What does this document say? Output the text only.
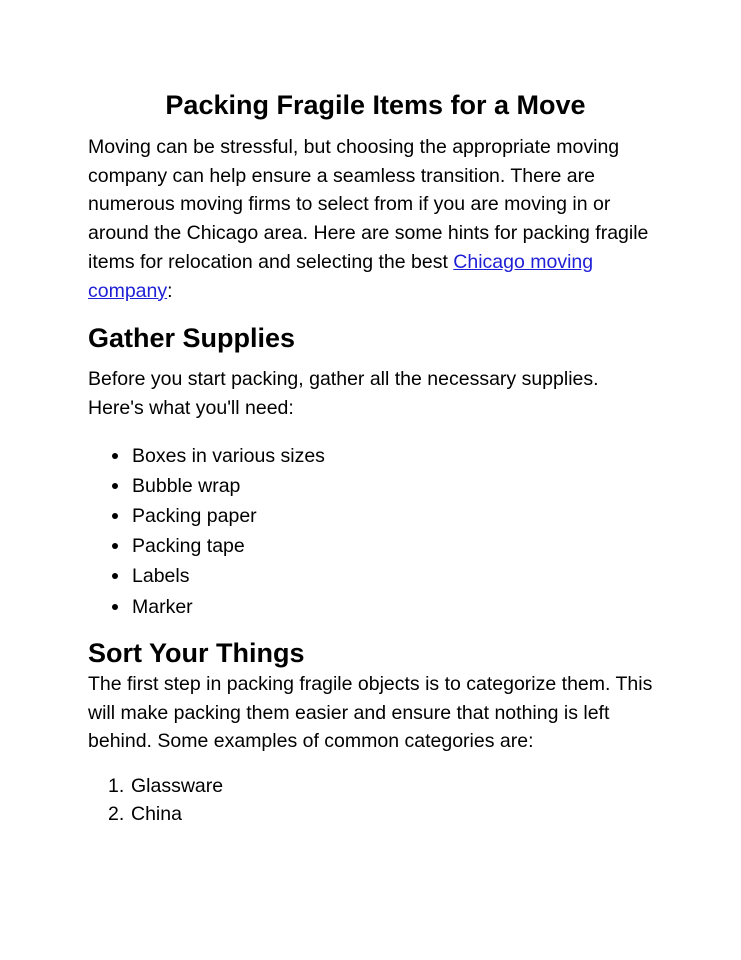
Packing Fragile Items for a Move

Moving can be stressful, but choosing the appropriate moving company can help ensure a seamless transition. There are numerous moving firms to select from if you are moving in or around the Chicago area. Here are some hints for packing fragile items for relocation and selecting the best Chicago moving company:

Gather Supplies

Before you start packing, gather all the necessary supplies. Here's what you'll need:

Boxes in various sizes
Bubble wrap
Packing paper
Packing tape
Labels
Marker
Sort Your Things

The first step in packing fragile objects is to categorize them. This will make packing them easier and ensure that nothing is left behind. Some examples of common categories are:

1. Glassware
2. China
